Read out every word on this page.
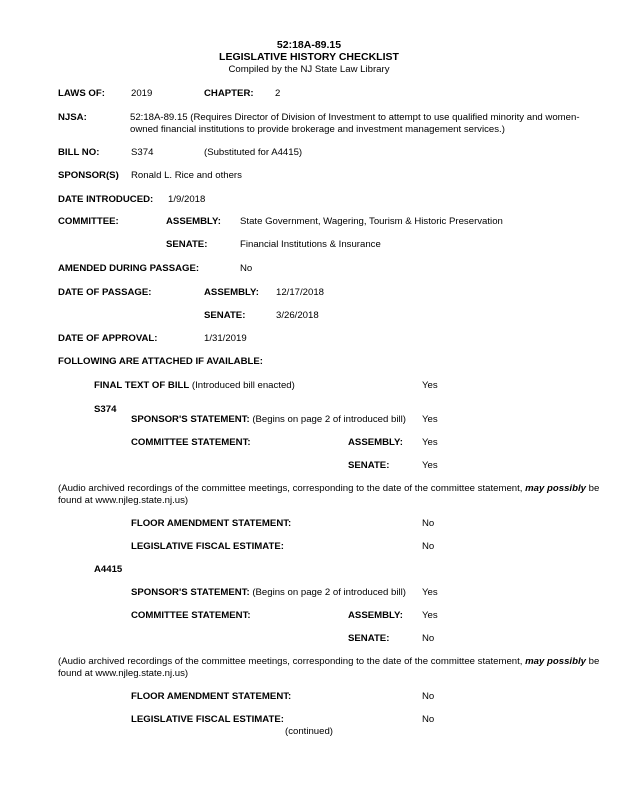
52:18A-89.15
LEGISLATIVE HISTORY CHECKLIST
Compiled by the NJ State Law Library
LAWS OF:	2019	CHAPTER: 2
NJSA:	52:18A-89.15 (Requires Director of Division of Investment to attempt to use qualified minority and women-owned financial institutions to provide brokerage and investment management services.)
BILL NO:	S374	(Substituted for A4415)
SPONSOR(S) Ronald L. Rice and others
DATE INTRODUCED: 1/9/2018
COMMITTEE:	ASSEMBLY: State Government, Wagering, Tourism & Historic Preservation
SENATE:	Financial Institutions & Insurance
AMENDED DURING PASSAGE:	No
DATE OF PASSAGE:	ASSEMBLY: 12/17/2018
SENATE:	3/26/2018
DATE OF APPROVAL:	1/31/2019
FOLLOWING ARE ATTACHED IF AVAILABLE:
FINAL TEXT OF BILL (Introduced bill enacted)	Yes
S374
SPONSOR'S STATEMENT: (Begins on page 2 of introduced bill) Yes
COMMITTEE STATEMENT:	ASSEMBLY: Yes
SENATE:	Yes
(Audio archived recordings of the committee meetings, corresponding to the date of the committee statement, may possibly be found at www.njleg.state.nj.us)
FLOOR AMENDMENT STATEMENT:	No
LEGISLATIVE FISCAL ESTIMATE:	No
A4415
SPONSOR'S STATEMENT: (Begins on page 2 of introduced bill) Yes
COMMITTEE STATEMENT:	ASSEMBLY: Yes
SENATE:	No
(Audio archived recordings of the committee meetings, corresponding to the date of the committee statement, may possibly be found at www.njleg.state.nj.us)
FLOOR AMENDMENT STATEMENT:	No
LEGISLATIVE FISCAL ESTIMATE:	No
(continued)
